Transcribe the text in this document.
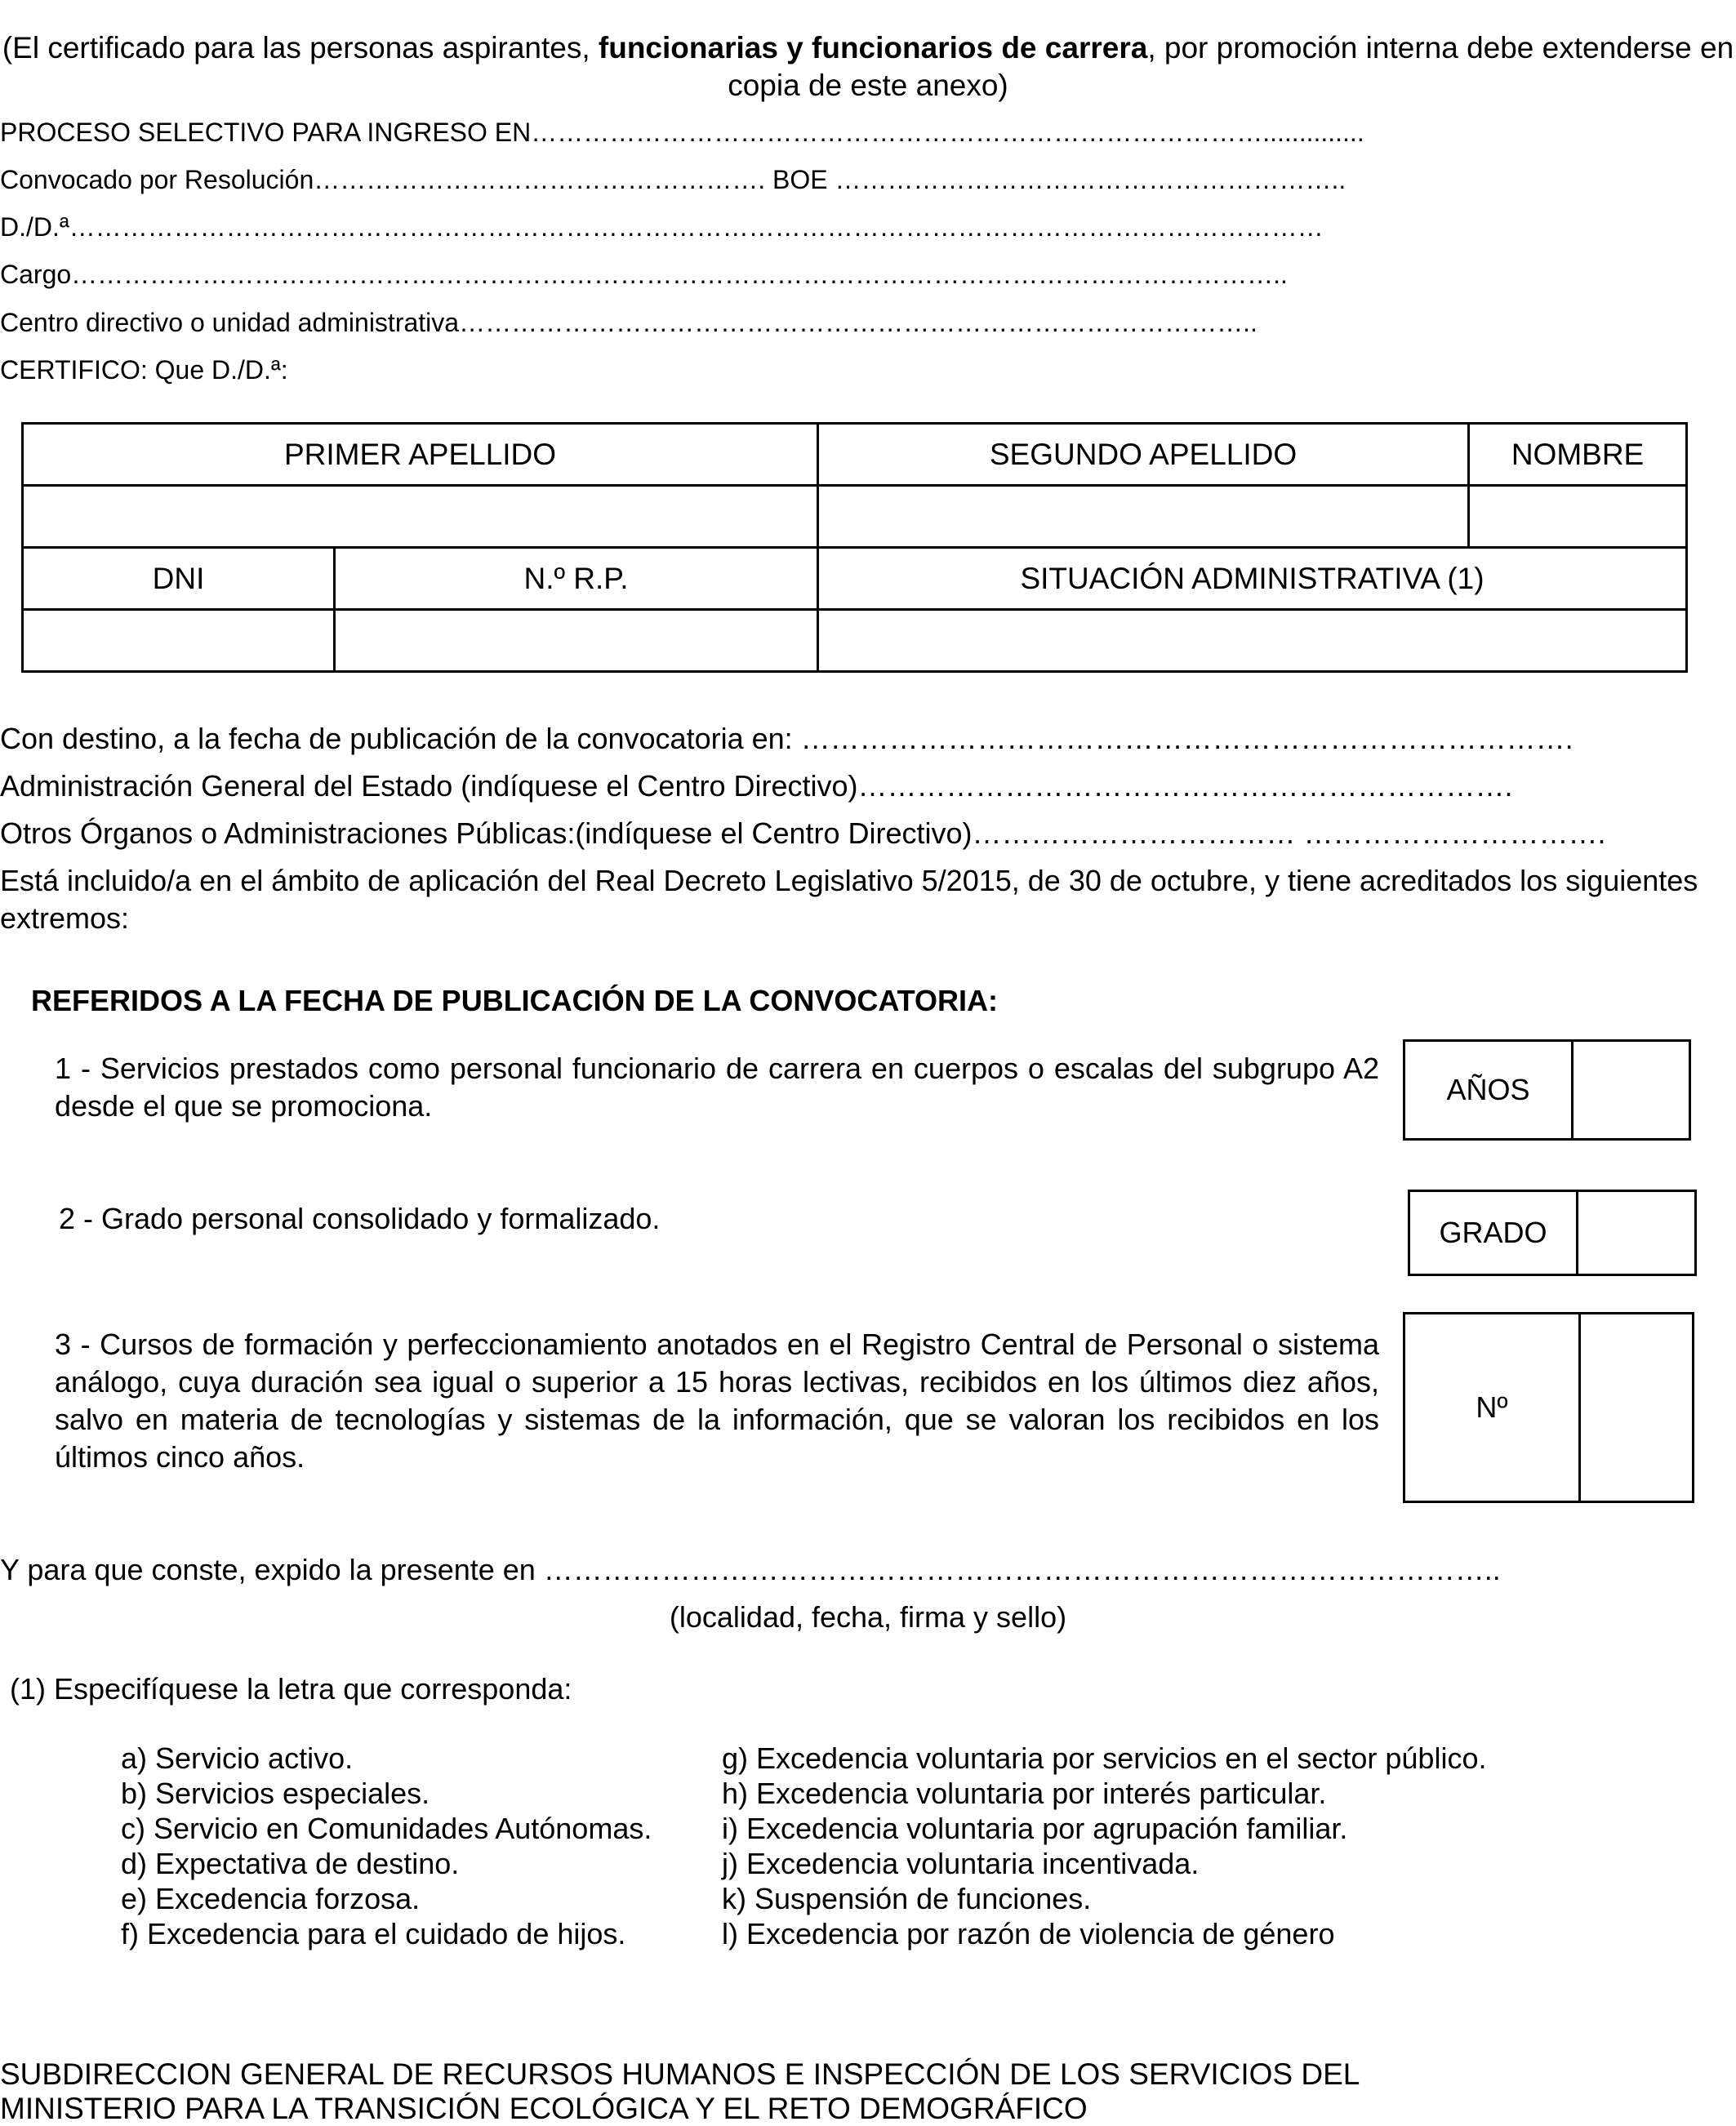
(El certificado para las personas aspirantes, funcionarias y funcionarios de carrera, por promoción interna debe extenderse en
copia de este anexo)
PROCESO SELECTIVO PARA INGRESO EN…………………………………………………………………………..............
Convocado por Resolución……………………………………………. BOE …………………………………………………..
D./D.ª………………………………………………………………………………………………………………………………
Cargo…………………………………………………………………………………………………………………………..
Centro directivo o unidad administrativa………………………………………………………………………………..
CERTIFICO: Que D./D.ª:
PRIMER APELLIDO		SEGUNDO APELLIDO	NOMBRE

DNI	N.º R.P.	SITUACIÓN ADMINISTRATIVA (1)	

Con destino, a la fecha de publicación de la convocatoria en: …………………………………………………………………….
Administración General del Estado (indíquese el Centro Directivo)………………………………………………………….
Otros Órganos o Administraciones Públicas:(indíquese el Centro Directivo)…………………………… ………………………….
Está incluido/a en el ámbito de aplicación del Real Decreto Legislativo 5/2015, de 30 de octubre, y tiene acreditados los siguientes
extremos:
REFERIDOS A LA FECHA DE PUBLICACIÓN DE LA CONVOCATORIA:
1 - Servicios prestados como personal funcionario de carrera en cuerpos o escalas del subgrupo A2 desde el que se promociona.	AÑOS	
2 - Grado personal consolidado y formalizado.	GRADO	
3 - Cursos de formación y perfeccionamiento anotados en el Registro Central de Personal o sistema análogo, cuya duración sea igual o superior a 15 horas lectivas, recibidos en los últimos diez años, salvo en materia de tecnologías y sistemas de la información, que se valoran los recibidos en los últimos cinco años.
Nº	
Y para que conste, expido la presente en ……………………………………………………………………………………..
(localidad, fecha, firma y sello)
(1) Especifíquese la letra que corresponda:
a) Servicio activo.
b) Servicios especiales.
c) Servicio en Comunidades Autónomas.
d) Expectativa de destino.
e) Excedencia forzosa.
f) Excedencia para el cuidado de hijos.
g) Excedencia voluntaria por servicios en el sector público.
h) Excedencia voluntaria por interés particular.
i) Excedencia voluntaria por agrupación familiar.
j) Excedencia voluntaria incentivada.
k) Suspensión de funciones.
l) Excedencia por razón de violencia de género
SUBDIRECCION GENERAL DE RECURSOS HUMANOS E INSPECCIÓN DE LOS SERVICIOS DEL
MINISTERIO PARA LA TRANSICIÓN ECOLÓGICA Y EL RETO DEMOGRÁFICO
